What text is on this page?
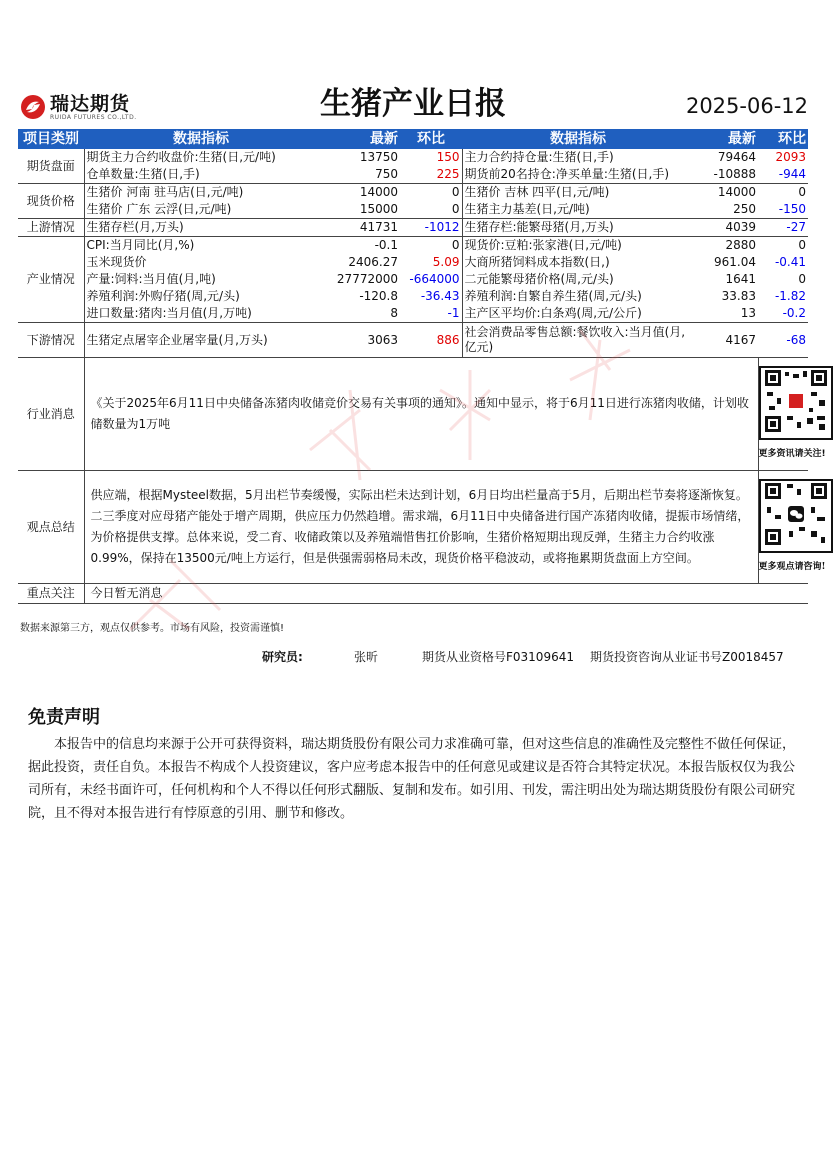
瑞达期货
RUIDA FUTURES CO.,LTD.	生猪产业日报	2025-06-12
项目类别	数据指标	最新	环比	数据指标	最新	环比
期货盘面	期货主力合约收盘价:生猪(日,元/吨)	13750	150	主力合约持仓量:生猪(日,手)	79464	2093
	仓单数量:生猪(日,手)	750	225	期货前20名持仓:净买单量:生猪(日,手)	-10888	-944
现货价格	生猪价 河南 驻马店(日,元/吨)	14000	0	生猪价 吉林 四平(日,元/吨)	14000	0
	生猪价 广东 云浮(日,元/吨)	15000	0	生猪主力基差(日,元/吨)	250	-150
上游情况	生猪存栏(月,万头)	41731	-1012	生猪存栏:能繁母猪(月,万头)	4039	-27
产业情况	CPI:当月同比(月,%)	-0.1	0	现货价:豆粕:张家港(日,元/吨)	2880	0
	玉米现货价	2406.27	5.09	大商所猪饲料成本指数(日,)	961.04	-0.41
	产量:饲料:当月值(月,吨)	27772000	-664000	二元能繁母猪价格(周,元/头)	1641	0
	养殖利润:外购仔猪(周,元/头)	-120.8	-36.43	养殖利润:自繁自养生猪(周,元/头)	33.83	-1.82
	进口数量:猪肉:当月值(月,万吨)	8	-1	主产区平均价:白条鸡(周,元/公斤)	13	-0.2
下游情况	生猪定点屠宰企业屠宰量(月,万头)	3063	886	社会消费品零售总额:餐饮收入:当月值(月,亿元)	4167	-68
行业消息	《关于2025年6月11日中央储备冻猪肉收储竞价交易有关事项的通知》。通知中显示，将于6月11日进行冻猪肉收储，计划收储数量为1万吨					更多资讯请关注!

观点总结	供应端，根据Mysteel数据，5月出栏节奏缓慢，实际出栏未达到计划，6月日均出栏量高于5月，后期出栏节奏将逐渐恢复。二三季度对应母猪产能处于增产周期，供应压力仍然趋增。需求端，6月11日中央储备进行国产冻猪肉收储，提振市场情绪，为价格提供支撑。总体来说，受二育、收储政策以及养殖端惜售扛价影响，生猪价格短期出现反弹，生猪主力合约收涨0.99%，保持在13500元/吨上方运行，但是供强需弱格局未改，现货价格平稳波动，或将拖累期货盘面上方空间。					更多观点请咨询!

重点关注	今日暂无消息					
数据来源第三方，观点仅供参考。市场有风险，投资需谨慎!
研究员:	张昕	期货从业资格号F03109641	期货投资咨询从业证书号Z0018457
免责声明
本报告中的信息均来源于公开可获得资料，瑞达期货股份有限公司力求准确可靠，但对这些信息的准确性及完整性不做任何保证，据此投资，责任自负。本报告不构成个人投资建议，客户应考虑本报告中的任何意见或建议是否符合其特定状况。本报告版权仅为我公司所有，未经书面许可，任何机构和个人不得以任何形式翻版、复制和发布。如引用、刊发，需注明出处为瑞达期货股份有限公司研究院，且不得对本报告进行有悖原意的引用、删节和修改。
